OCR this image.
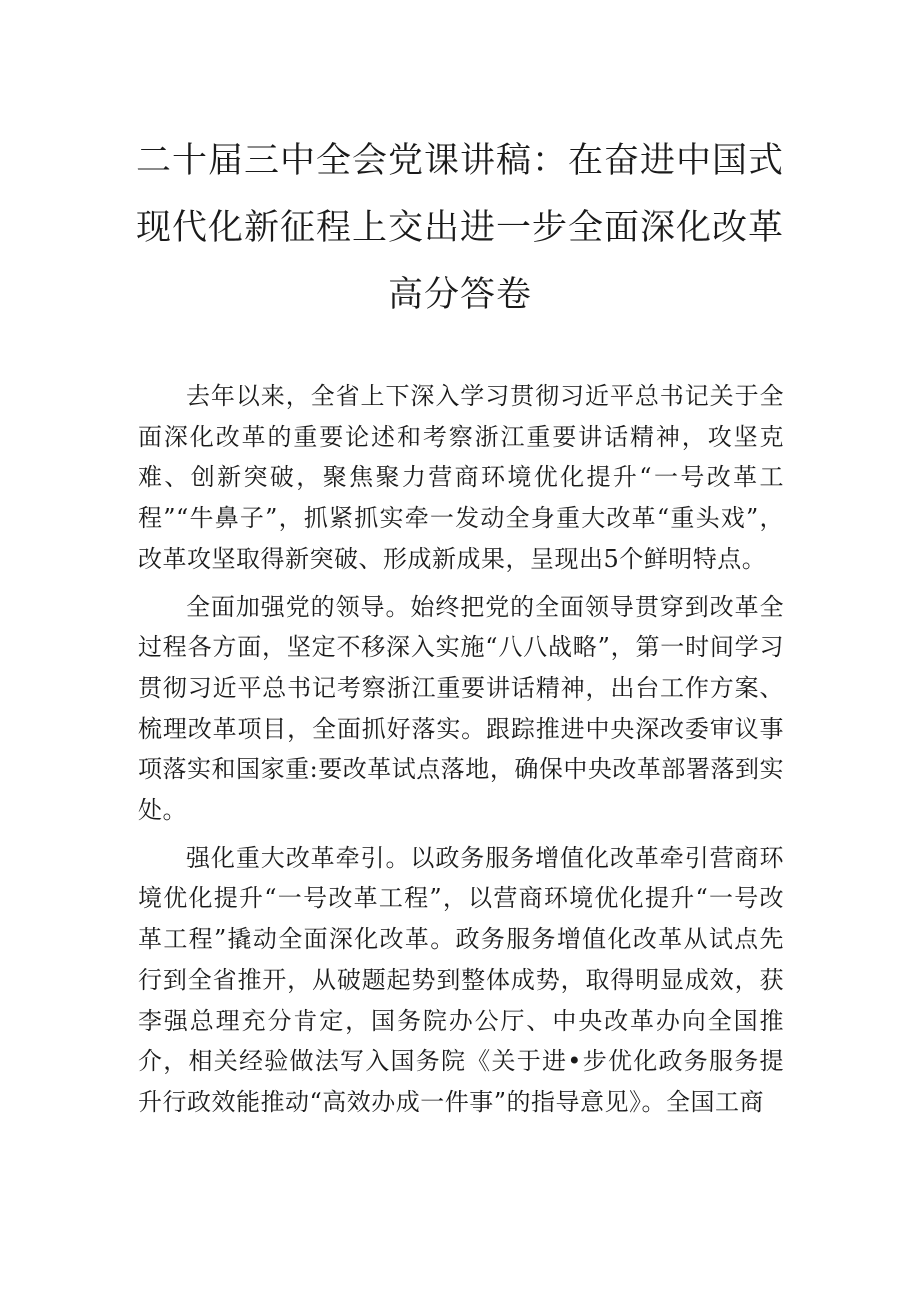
二十届三中全会党课讲稿：在奋进中国式
现代化新征程上交出进一步全面深化改革
高分答卷

去年以来，全省上下深入学习贯彻习近平总书记关于全面深化改革的重要论述和考察浙江重要讲话精神，攻坚克难、创新突破，聚焦聚力营商环境优化提升“一号改革工程”“牛鼻子”，抓紧抓实牵一发动全身重大改革“重头戏”，改革攻坚取得新突破、形成新成果，呈现出5个鲜明特点。

全面加强党的领导。始终把党的全面领导贯穿到改革全过程各方面，坚定不移深入实施“八八战略”，第一时间学习贯彻习近平总书记考察浙江重要讲话精神，出台工作方案、梳理改革项目，全面抓好落实。跟踪推进中央深改委审议事项落实和国家重:要改革试点落地，确保中央改革部署落到实处。

强化重大改革牵引。以政务服务增值化改革牵引营商环境优化提升“一号改革工程”，以营商环境优化提升“一号改革工程”撬动全面深化改革。政务服务增值化改革从试点先行到全省推开，从破题起势到整体成势，取得明显成效，获李强总理充分肯定，国务院办公厅、中央改革办向全国推介，相关经验做法写入国务院《关于进•步优化政务服务提升行政效能推动“高效办成一件事”的指导意见》。全国工商
